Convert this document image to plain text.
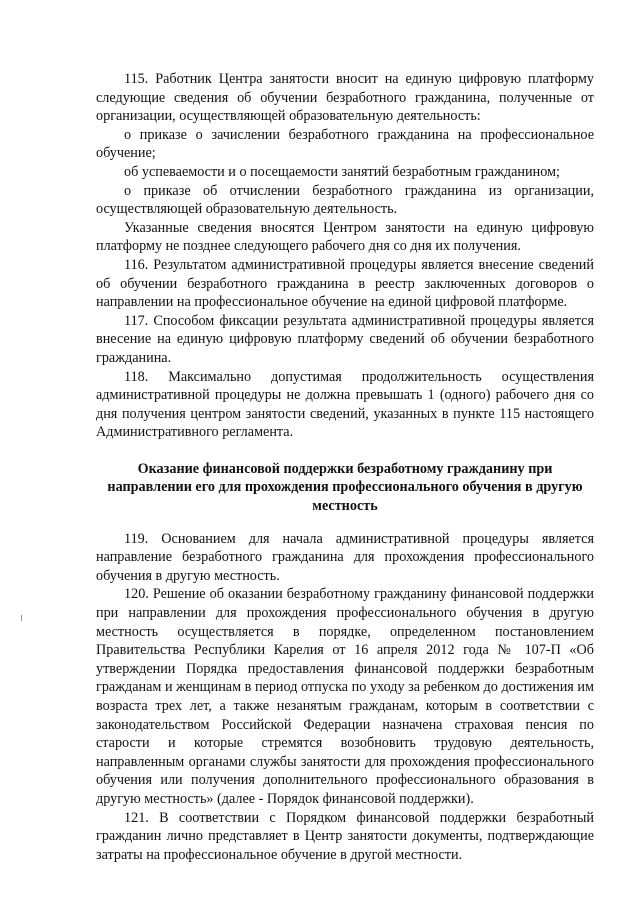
115. Работник Центра занятости вносит на единую цифровую платформу следующие сведения об обучении безработного гражданина, полученные от организации, осуществляющей образовательную деятельность:

о приказе о зачислении безработного гражданина на профессиональное обучение;

об успеваемости и о посещаемости занятий безработным гражданином;

о приказе об отчислении безработного гражданина из организации, осуществляющей образовательную деятельность.

Указанные сведения вносятся Центром занятости на единую цифровую платформу не позднее следующего рабочего дня со дня их получения.

116. Результатом административной процедуры является внесение сведений об обучении безработного гражданина в реестр заключенных договоров о направлении на профессиональное обучение на единой цифровой платформе.

117. Способом фиксации результата административной процедуры является внесение на единую цифровую платформу сведений об обучении безработного гражданина.

118. Максимально допустимая продолжительность осуществления административной процедуры не должна превышать 1 (одного) рабочего дня со дня получения центром занятости сведений, указанных в пункте 115 настоящего Административного регламента.

Оказание финансовой поддержки безработному гражданину при
направлении его для прохождения профессионального обучения в другую
местность

119. Основанием для начала административной процедуры является направление безработного гражданина для прохождения профессионального обучения в другую местность.

120. Решение об оказании безработному гражданину финансовой поддержки при направлении для прохождения профессионального обучения в другую местность осуществляется в порядке, определенном постановлением Правительства Республики Карелия от 16 апреля 2012 года № 107-П «Об утверждении Порядка предоставления финансовой поддержки безработным гражданам и женщинам в период отпуска по уходу за ребенком до достижения им возраста трех лет, а также незанятым гражданам, которым в соответствии с законодательством Российской Федерации назначена страховая пенсия по старости и которые стремятся возобновить трудовую деятельность, направленным органами службы занятости для прохождения профессионального обучения или получения дополнительного профессионального образования в другую местность» (далее - Порядок финансовой поддержки).

121. В соответствии с Порядком финансовой поддержки безработный гражданин лично представляет в Центр занятости документы, подтверждающие затраты на профессиональное обучение в другой местности.
